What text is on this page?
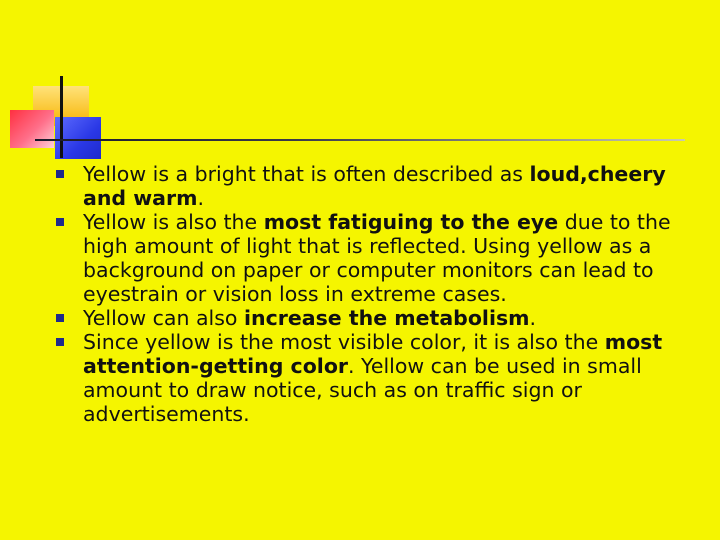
Yellow is a bright that is often described as loud,cheery and warm.
Yellow is also the most fatiguing to the eye due to the high amount of light that is reflected. Using yellow as a background on paper or computer monitors can lead to eyestrain or vision loss in extreme cases.
Yellow can also increase the metabolism.
Since yellow is the most visible color, it is also the most attention-getting color. Yellow can be used in small amount to draw notice, such as on traffic sign or advertisements.
